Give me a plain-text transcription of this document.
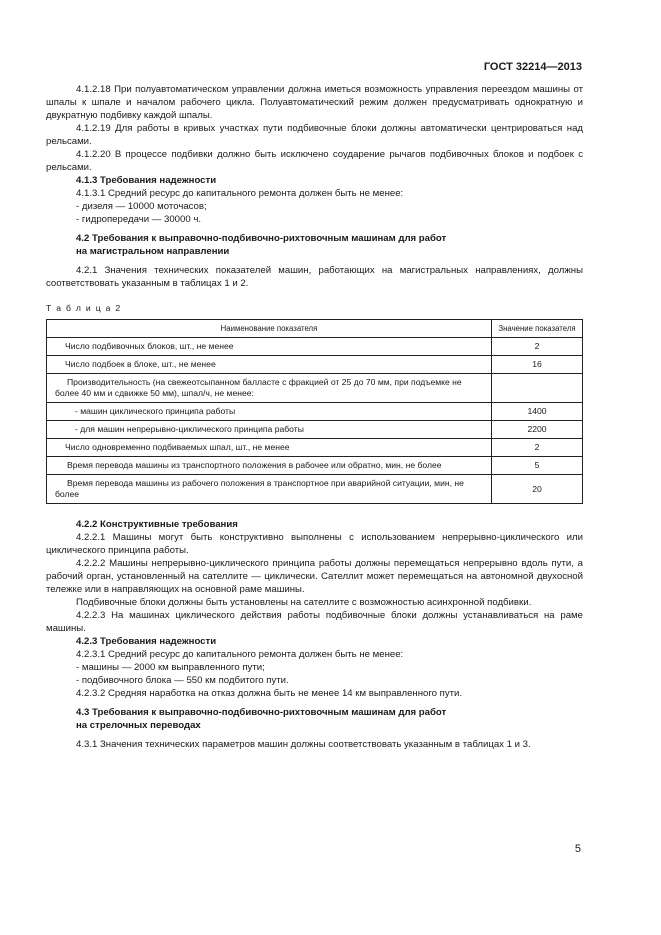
ГОСТ 32214—2013

4.1.2.18 При полуавтоматическом управлении должна иметься возможность управления переездом машины от шпалы к шпале и началом рабочего цикла. Полуавтоматический режим должен предусматривать однократную и двукратную подбивку каждой шпалы.

4.1.2.19 Для работы в кривых участках пути подбивочные блоки должны автоматически центрироваться над рельсами.

4.1.2.20 В процессе подбивки должно быть исключено соударение рычагов подбивочных блоков и подбоек с рельсами.

4.1.3 Требования надежности

4.1.3.1 Средний ресурс до капитального ремонта должен быть не менее:

- дизеля — 10000 моточасов;

- гидропередачи — 30000 ч.

4.2 Требования к выправочно-подбивочно-рихтовочным машинам для работ

на магистральном направлении

4.2.1 Значения технических показателей машин, работающих на магистральных направлениях, должны соответствовать указанным в таблицах 1 и 2.

Т а б л и ц а 2
Наименование показателя	Значение показателя
Число подбивочных блоков, шт., не менее	2
Число подбоек в блоке, шт., не менее	16
Производительность (на свежеотсыпанном балласте с фракцией от 25 до 70 мм, при подъемке не более 40 мм и сдвижке 50 мм), шпал/ч, не менее:	
- машин циклического принципа работы	1400
- для машин непрерывно-циклического принципа работы	2200
Число одновременно подбиваемых шпал, шт., не менее	2
Время перевода машины из транспортного положения в рабочее или обратно, мин, не более	5
Время перевода машины из рабочего положения в транспортное при аварийной ситуации, мин, не более	20

4.2.2 Конструктивные требования

4.2.2.1 Машины могут быть конструктивно выполнены с использованием непрерывно-циклического или циклического принципа работы.

4.2.2.2 Машины непрерывно-циклического принципа работы должны перемещаться непрерывно вдоль пути, а рабочий орган, установленный на сателлите — циклически. Сателлит может перемещаться на автономной двухосной тележке или в направляющих на основной раме машины.

Подбивочные блоки должны быть установлены на сателлите с возможностью асинхронной подбивки.

4.2.2.3 На машинах циклического действия работы подбивочные блоки должны устанавливаться на раме машины.

4.2.3 Требования надежности

4.2.3.1 Средний ресурс до капитального ремонта должен быть не менее:

- машины — 2000 км выправленного пути;

- подбивочного блока — 550 км подбитого пути.

4.2.3.2 Средняя наработка на отказ должна быть не менее 14 км выправленного пути.

4.3 Требования к выправочно-подбивочно-рихтовочным машинам для работ

на стрелочных переводах

4.3.1 Значения технических параметров машин должны соответствовать указанным в таблицах 1 и 3.

5
